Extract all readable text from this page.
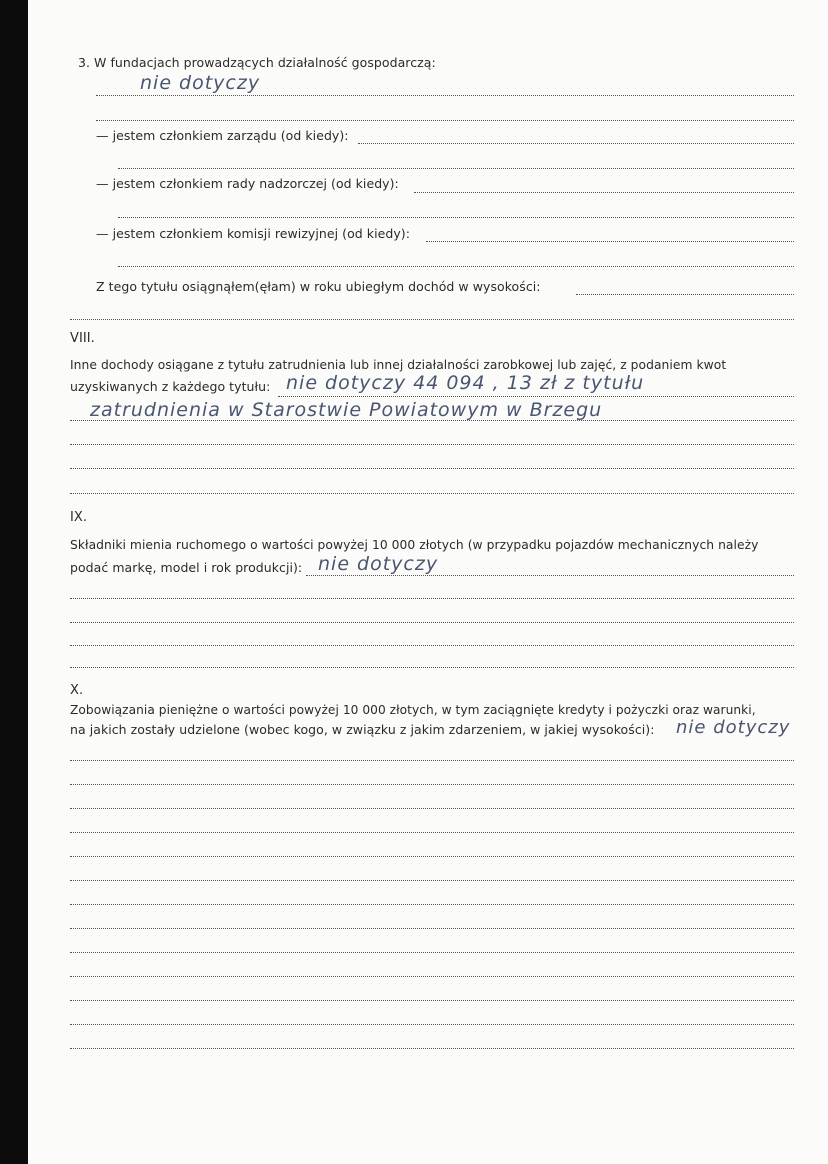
3. W fundacjach prowadzących działalność gospodarczą:
nie dotyczy
— jestem członkiem zarządu (od kiedy):
— jestem członkiem rady nadzorczej (od kiedy):
— jestem członkiem komisji rewizyjnej (od kiedy):
Z tego tytułu osiągnąłem(ęłam) w roku ubiegłym dochód w wysokości:
VIII.
Inne dochody osiągane z tytułu zatrudnienia lub innej działalności zarobkowej lub zajęć, z podaniem kwot
uzyskiwanych z każdego tytułu: nie dotyczy 44 094 , 13 zł z tytułu
zatrudnienia w Starostwie Powiatowym w Brzegu
IX.
Składniki mienia ruchomego o wartości powyżej 10 000 złotych (w przypadku pojazdów mechanicznych należy
podać markę, model i rok produkcji): nie dotyczy
X.
Zobowiązania pieniężne o wartości powyżej 10 000 złotych, w tym zaciągnięte kredyty i pożyczki oraz warunki,
na jakich zostały udzielone (wobec kogo, w związku z jakim zdarzeniem, w jakiej wysokości): nie dotyczy
